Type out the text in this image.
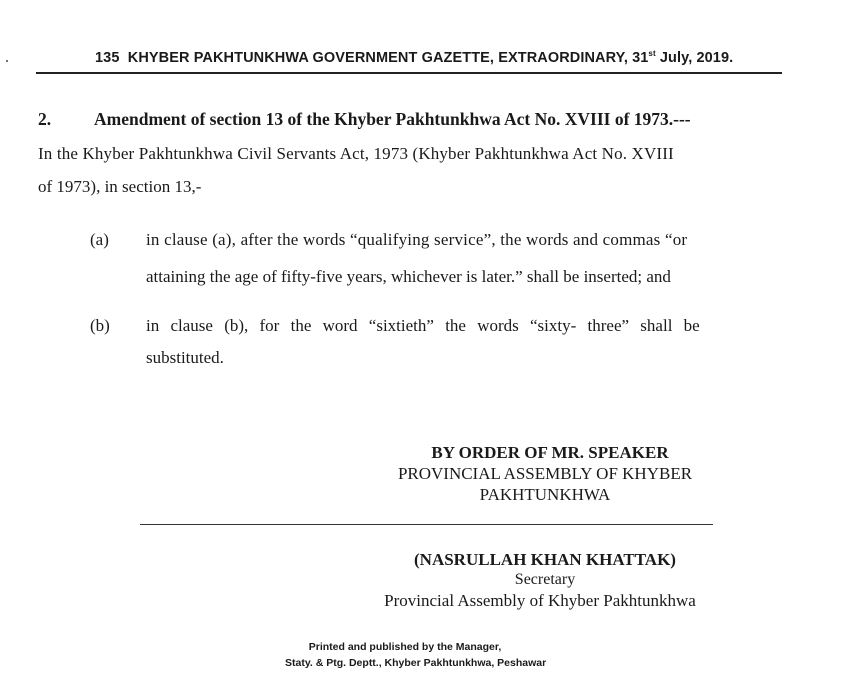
135 KHYBER PAKHTUNKHWA GOVERNMENT GAZETTE, EXTRAORDINARY, 31st July, 2019.
2. Amendment of section 13 of the Khyber Pakhtunkhwa Act No. XVIII of 1973.---
In the Khyber Pakhtunkhwa Civil Servants Act, 1973 (Khyber Pakhtunkhwa Act No. XVIII
of 1973), in section 13,-
(a) in clause (a), after the words “qualifying service”, the words and commas “or
attaining the age of fifty-five years, whichever is later.” shall be inserted; and
(b) in clause (b), for the word “sixtieth” the words “sixty- three” shall be
substituted.
BY ORDER OF MR. SPEAKER
PROVINCIAL ASSEMBLY OF KHYBER
PAKHTUNKHWA
(NASRULLAH KHAN KHATTAK)
Secretary
Provincial Assembly of Khyber Pakhtunkhwa
Printed and published by the Manager,
Staty. & Ptg. Deptt., Khyber Pakhtunkhwa, Peshawar
